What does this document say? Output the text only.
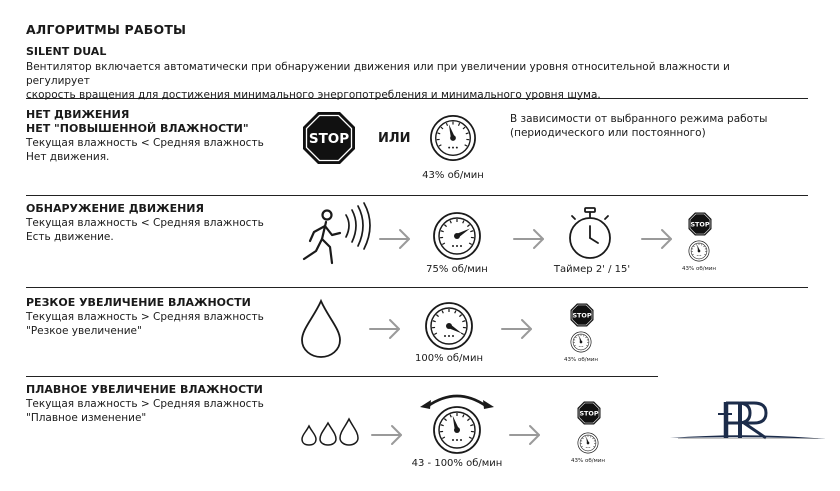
АЛГОРИТМЫ РАБОТЫ
SILENT DUAL
Вентилятор включается автоматически при обнаружении движения или при увеличении уровня относительной влажности и регулирует
скорость вращения для достижения минимального энергопотребления и минимального уровня шума.
НЕТ ДВИЖЕНИЯ
НЕТ "ПОВЫШЕННОЙ ВЛАЖНОСТИ"
Текущая влажность < Средняя влажность
Нет движения.
STOP ИЛИ
43% об/мин
В зависимости от выбранного режима работы
(периодического или постоянного)
ОБНАРУЖЕНИЕ ДВИЖЕНИЯ
Текущая влажность < Средняя влажность
Есть движение.
75% об/мин	Таймер 2' / 15'
STOP
43% об/мин
РЕЗКОЕ УВЕЛИЧЕНИЕ ВЛАЖНОСТИ
Текущая влажность > Средняя влажность
"Резкое увеличение"
100% об/мин
STOP
43% об/мин
ПЛАВНОЕ УВЕЛИЧЕНИЕ ВЛАЖНОСТИ
Текущая влажность > Средняя влажность
"Плавное изменение"
43 - 100% об/мин
STOP
43% об/мин
